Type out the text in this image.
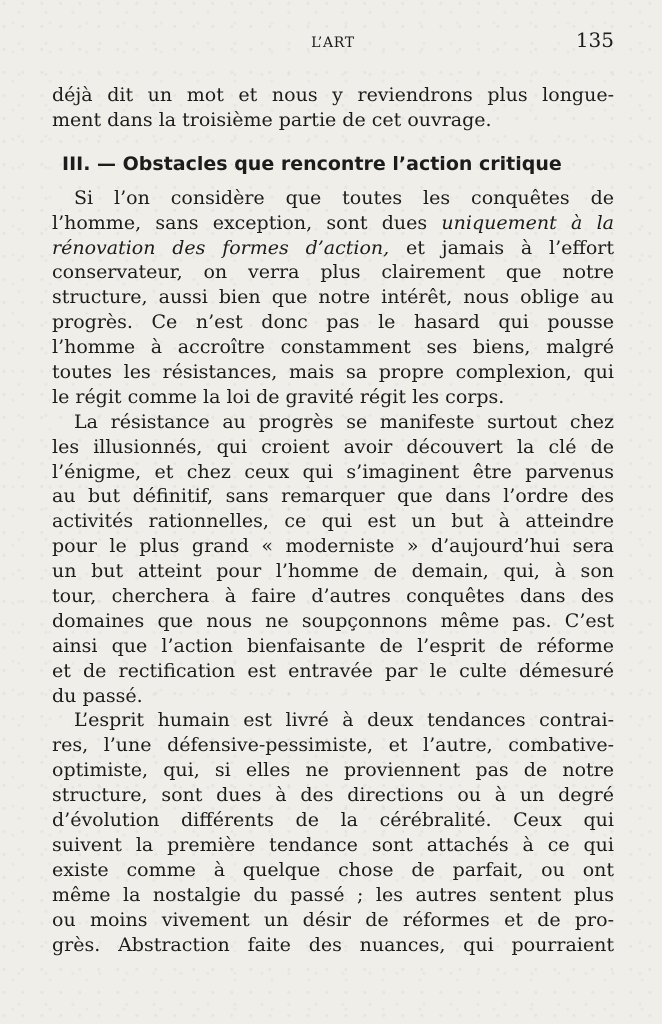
L’ART	135
déjà dit un mot et nous y reviendrons plus longue-
ment dans la troisième partie de cet ouvrage.
III. — Obstacles que rencontre l’action critique
Si l’on considère que toutes les conquêtes de
l’homme, sans exception, sont dues uniquement à la
rénovation des formes d’action, et jamais à l’effort
conservateur, on verra plus clairement que notre
structure, aussi bien que notre intérêt, nous oblige au
progrès. Ce n’est donc pas le hasard qui pousse
l’homme à accroître constamment ses biens, malgré
toutes les résistances, mais sa propre complexion, qui
le régit comme la loi de gravité régit les corps.
La résistance au progrès se manifeste surtout chez
les illusionnés, qui croient avoir découvert la clé de
l’énigme, et chez ceux qui s’imaginent être parvenus
au but définitif, sans remarquer que dans l’ordre des
activités rationnelles, ce qui est un but à atteindre
pour le plus grand « moderniste » d’aujourd’hui sera
un but atteint pour l’homme de demain, qui, à son
tour, cherchera à faire d’autres conquêtes dans des
domaines que nous ne soupçonnons même pas. C’est
ainsi que l’action bienfaisante de l’esprit de réforme
et de rectification est entravée par le culte démesuré
du passé.
L’esprit humain est livré à deux tendances contrai-
res, l’une défensive-pessimiste, et l’autre, combative-
optimiste, qui, si elles ne proviennent pas de notre
structure, sont dues à des directions ou à un degré
d’évolution différents de la cérébralité. Ceux qui
suivent la première tendance sont attachés à ce qui
existe comme à quelque chose de parfait, ou ont
même la nostalgie du passé ; les autres sentent plus
ou moins vivement un désir de réformes et de pro-
grès. Abstraction faite des nuances, qui pourraient
